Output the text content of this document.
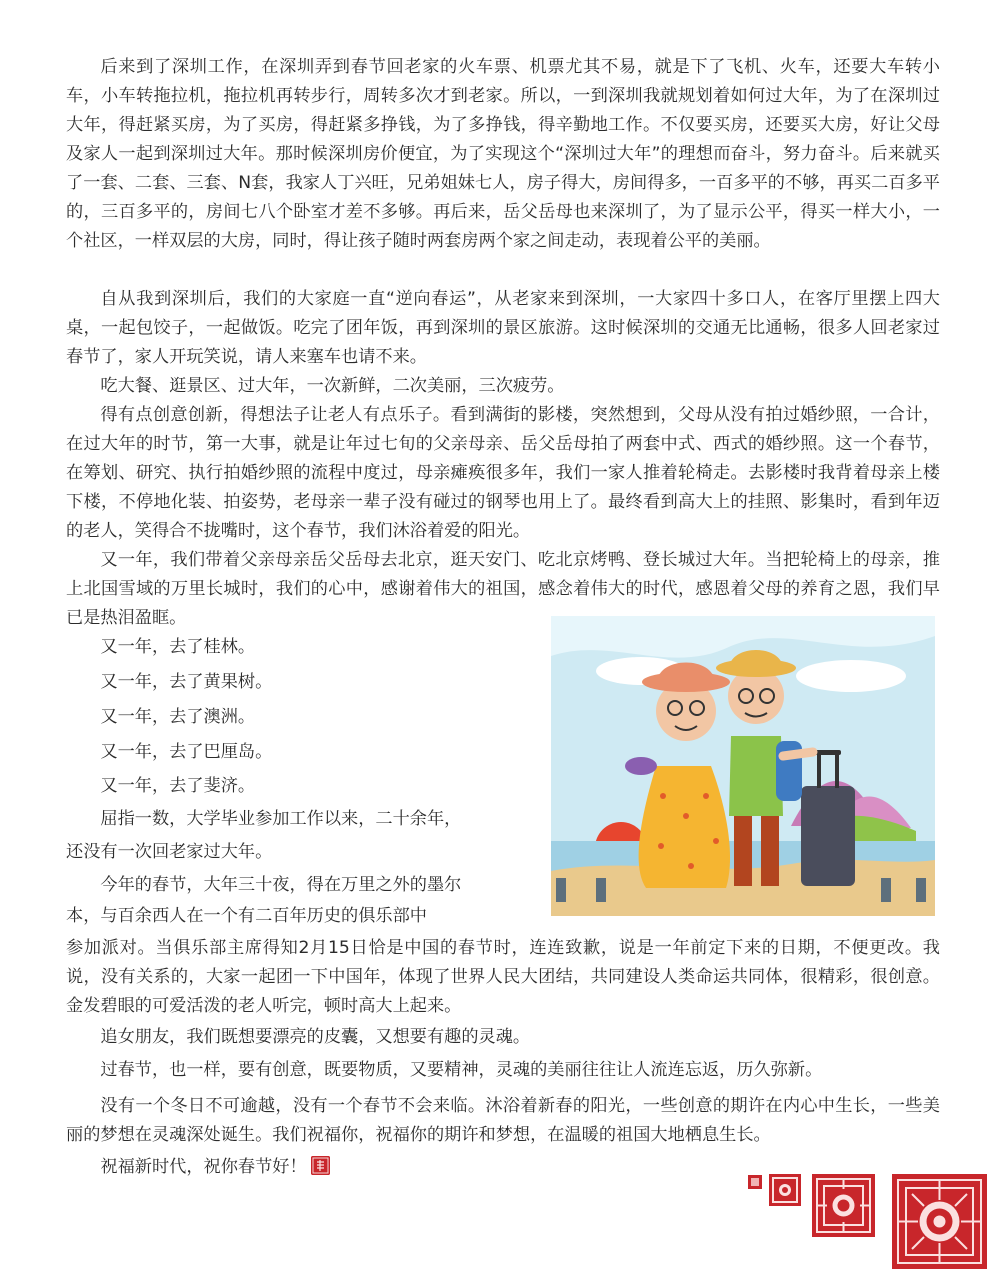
后来到了深圳工作，在深圳弄到春节回老家的火车票、机票尤其不易，就是下了飞机、火车，还要大车转小车，小车转拖拉机，拖拉机再转步行，周转多次才到老家。所以，一到深圳我就规划着如何过大年，为了在深圳过大年，得赶紧买房，为了买房，得赶紧多挣钱，为了多挣钱，得辛勤地工作。不仅要买房，还要买大房，好让父母及家人一起到深圳过大年。那时候深圳房价便宜，为了实现这个“深圳过大年”的理想而奋斗，努力奋斗。后来就买了一套、二套、三套、N套，我家人丁兴旺，兄弟姐妹七人，房子得大，房间得多，一百多平的不够，再买二百多平的，三百多平的，房间七八个卧室才差不多够。再后来，岳父岳母也来深圳了，为了显示公平，得买一样大小，一个社区，一样双层的大房，同时，得让孩子随时两套房两个家之间走动，表现着公平的美丽。

自从我到深圳后，我们的大家庭一直“逆向春运”，从老家来到深圳，一大家四十多口人，在客厅里摆上四大桌，一起包饺子，一起做饭。吃完了团年饭，再到深圳的景区旅游。这时候深圳的交通无比通畅，很多人回老家过春节了，家人开玩笑说，请人来塞车也请不来。

吃大餐、逛景区、过大年，一次新鲜，二次美丽，三次疲劳。

得有点创意创新，得想法子让老人有点乐子。看到满街的影楼，突然想到，父母从没有拍过婚纱照，一合计，在过大年的时节，第一大事，就是让年过七旬的父亲母亲、岳父岳母拍了两套中式、西式的婚纱照。这一个春节，在筹划、研究、执行拍婚纱照的流程中度过，母亲瘫痪很多年，我们一家人推着轮椅走。去影楼时我背着母亲上楼下楼，不停地化装、拍姿势，老母亲一辈子没有碰过的钢琴也用上了。最终看到高大上的挂照、影集时，看到年迈的老人，笑得合不拢嘴时，这个春节，我们沐浴着爱的阳光。

又一年，我们带着父亲母亲岳父岳母去北京，逛天安门、吃北京烤鸭、登长城过大年。当把轮椅上的母亲，推上北国雪域的万里长城时，我们的心中，感谢着伟大的祖国，感念着伟大的时代，感恩着父母的养育之恩，我们早已是热泪盈眶。

又一年，去了桂林。

又一年，去了黄果树。

又一年，去了澳洲。

又一年，去了巴厘岛。

又一年，去了斐济。

屈指一数，大学毕业参加工作以来，二十余年，

还没有一次回老家过大年。

今年的春节，大年三十夜，得在万里之外的墨尔

本，与百余西人在一个有二百年历史的俱乐部中

参加派对。当俱乐部主席得知2月15日恰是中国的春节时，连连致歉，说是一年前定下来的日期，不便更改。我说，没有关系的，大家一起团一下中国年，体现了世界人民大团结，共同建设人类命运共同体，很精彩，很创意。金发碧眼的可爱活泼的老人听完，顿时高大上起来。

追女朋友，我们既想要漂亮的皮囊，又想要有趣的灵魂。

过春节，也一样，要有创意，既要物质，又要精神，灵魂的美丽往往让人流连忘返，历久弥新。

没有一个冬日不可逾越，没有一个春节不会来临。沐浴着新春的阳光，一些创意的期许在内心中生长，一些美丽的梦想在灵魂深处诞生。我们祝福你，祝福你的期许和梦想，在温暖的祖国大地栖息生长。

祝福新时代，祝你春节好！
